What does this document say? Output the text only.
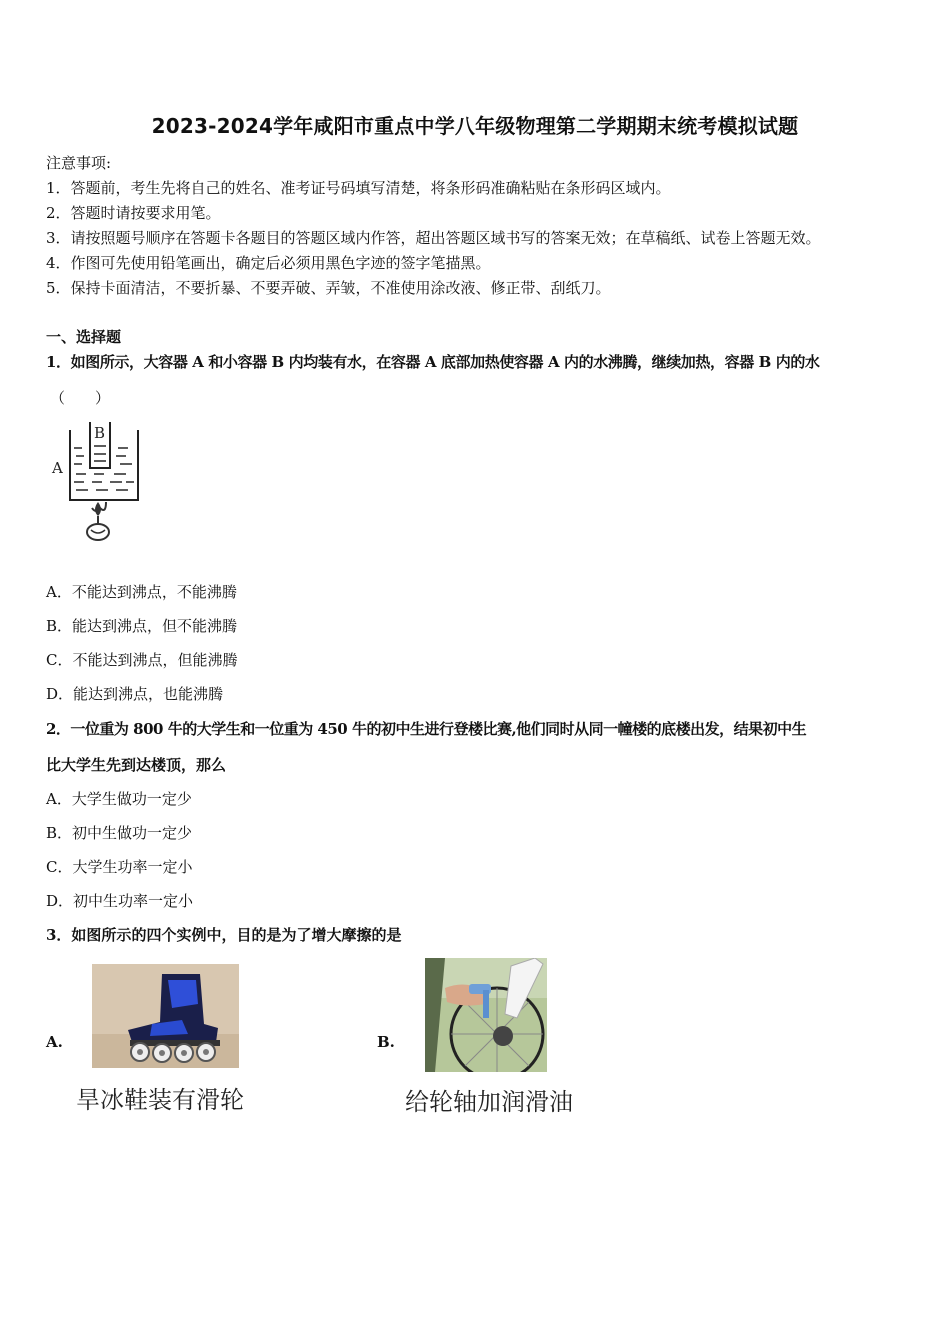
2023-2024学年咸阳市重点中学八年级物理第二学期期末统考模拟试题
注意事项:
1．答题前，考生先将自己的姓名、准考证号码填写清楚，将条形码准确粘贴在条形码区域内。
2．答题时请按要求用笔。
3．请按照题号顺序在答题卡各题目的答题区域内作答，超出答题区域书写的答案无效；在草稿纸、试卷上答题无效。
4．作图可先使用铅笔画出，确定后必须用黑色字迹的签字笔描黑。
5．保持卡面清洁，不要折暴、不要弄破、弄皱，不准使用涂改液、修正带、刮纸刀。
一、选择题
1．如图所示，大容器 A 和小容器 B 内均装有水，在容器 A 底部加热使容器 A 内的水沸腾，继续加热，容器 B 内的水
（　　）
A
B
A．不能达到沸点，不能沸腾
B．能达到沸点，但不能沸腾
C．不能达到沸点，但能沸腾
D．能达到沸点，也能沸腾
2．一位重为 800 牛的大学生和一位重为 450 牛的初中生进行登楼比赛,他们同时从同一幢楼的底楼出发，结果初中生
比大学生先到达楼顶，那么
A．大学生做功一定少
B．初中生做功一定少
C．大学生功率一定小
D．初中生功率一定小
3．如图所示的四个实例中，目的是为了增大摩擦的是
A.
旱冰鞋装有滑轮
B.
给轮轴加润滑油
